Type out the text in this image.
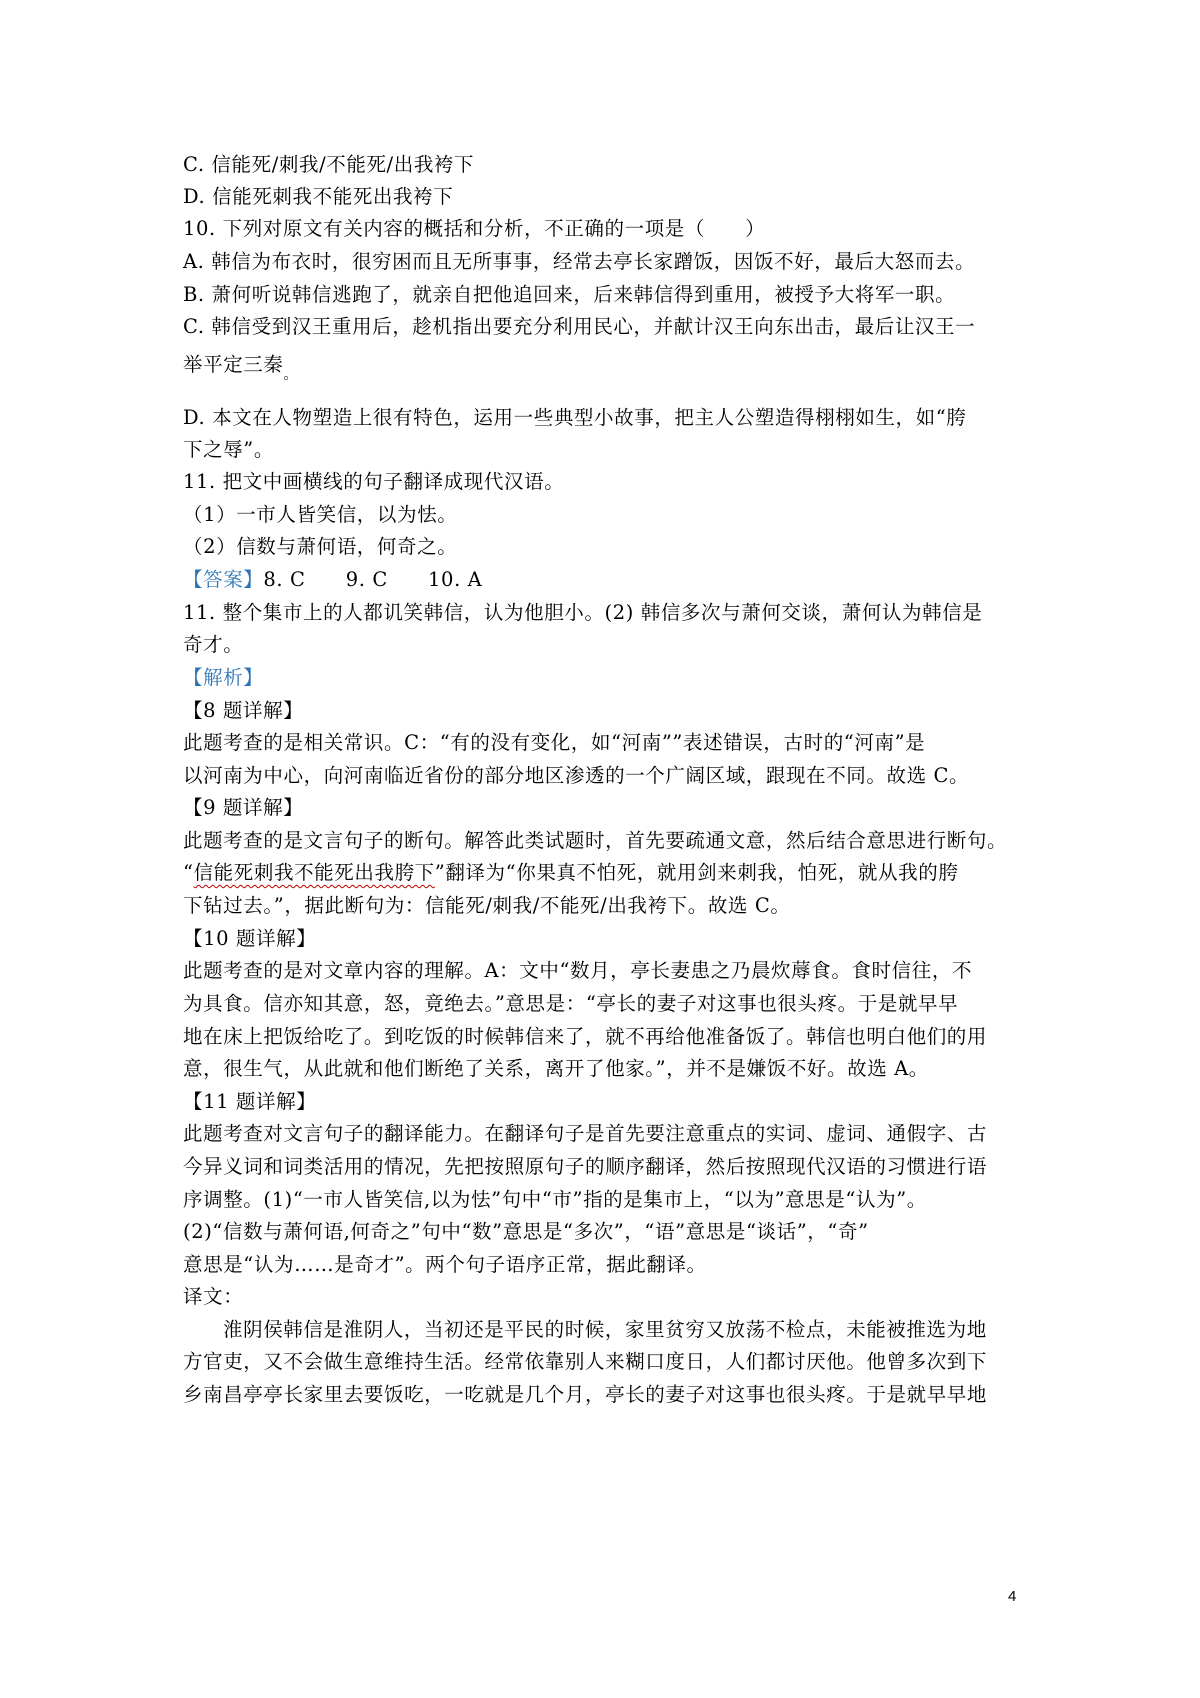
C. 信能死/刺我/不能死/出我袴下
D. 信能死刺我不能死出我袴下
10. 下列对原文有关内容的概括和分析，不正确的一项是（　　）
A. 韩信为布衣时，很穷困而且无所事事，经常去亭长家蹭饭，因饭不好，最后大怒而去。
B. 萧何听说韩信逃跑了，就亲自把他追回来，后来韩信得到重用，被授予大将军一职。
C. 韩信受到汉王重用后，趁机指出要充分利用民心，并献计汉王向东出击，最后让汉王一
举平定三秦$_。$
D. 本文在人物塑造上很有特色，运用一些典型小故事，把主人公塑造得栩栩如生，如“胯
下之辱”。
11. 把文中画横线的句子翻译成现代汉语。
（1）一市人皆笑信，以为怯。
（2）信数与萧何语，何奇之。
【答案】8. C　　9. C　　10. A
11. 整个集市上的人都讥笑韩信，认为他胆小。(2) 韩信多次与萧何交谈，萧何认为韩信是
奇才。
【解析】
【8 题详解】
此题考查的是相关常识。C：“有的没有变化，如“河南””表述错误，古时的“河南”是
以河南为中心，向河南临近省份的部分地区渗透的一个广阔区域，跟现在不同。故选 C。
【9 题详解】
此题考查的是文言句子的断句。解答此类试题时，首先要疏通文意，然后结合意思进行断句。
“信能死刺我不能死出我胯下”翻译为“你果真不怕死，就用剑来刺我，怕死，就从我的胯
下钻过去。”，据此断句为：信能死/刺我/不能死/出我袴下。故选 C。
【10 题详解】
此题考查的是对文章内容的理解。A：文中“数月，亭长妻患之乃晨炊蓐食。食时信往，不
为具食。信亦知其意，怒，竟绝去。”意思是：“亭长的妻子对这事也很头疼。于是就早早
地在床上把饭给吃了。到吃饭的时候韩信来了，就不再给他准备饭了。韩信也明白他们的用
意，很生气，从此就和他们断绝了关系，离开了他家。”，并不是嫌饭不好。故选 A。
【11 题详解】
此题考查对文言句子的翻译能力。在翻译句子是首先要注意重点的实词、虚词、通假字、古
今异义词和词类活用的情况，先把按照原句子的顺序翻译，然后按照现代汉语的习惯进行语
序调整。(1)“一市人皆笑信,以为怯”句中“市”指的是集市上，“以为”意思是“认为”。
(2)“信数与萧何语,何奇之”句中“数”意思是“多次”，“语”意思是“谈话”，“奇”
意思是“认为……是奇才”。两个句子语序正常，据此翻译。
译文：
淮阴侯韩信是淮阴人，当初还是平民的时候，家里贫穷又放荡不检点，未能被推选为地
方官吏，又不会做生意维持生活。经常依靠别人来糊口度日，人们都讨厌他。他曾多次到下
乡南昌亭亭长家里去要饭吃，一吃就是几个月，亭长的妻子对这事也很头疼。于是就早早地
4
